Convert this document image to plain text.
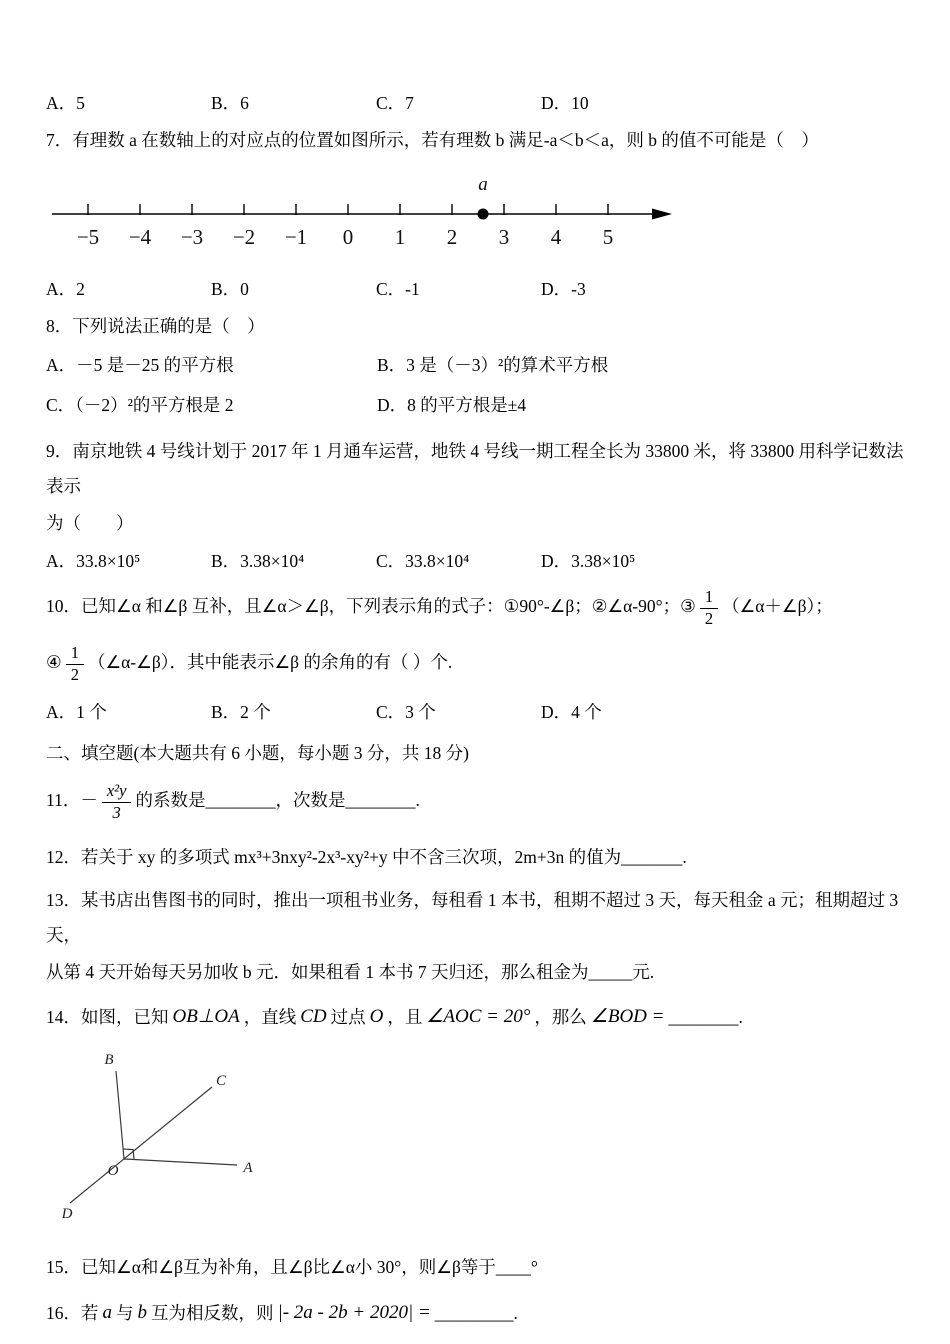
A．5	B．6	C．7	D．10
7．有理数 a 在数轴上的对应点的位置如图所示，若有理数 b 满足-a＜b＜a，则 b 的值不可能是（　）
a
−5 −4 −3 −2 −1 0 1 2 3 4 5
A．2	B．0	C．-1	D．-3
8．下列说法正确的是（　）
A．－5 是－25 的平方根	B．3 是（－3）²的算术平方根
C．（－2）²的平方根是 2	D．8 的平方根是±4
9．南京地铁 4 号线计划于 2017 年 1 月通车运营，地铁 4 号线一期工程全长为 33800 米，将 33800 用科学记数法表示
为（　　）
A．33.8×10⁵	B．3.38×10⁴	C．33.8×10⁴	D．3.38×10⁵
10．已知∠α 和∠β 互补，且∠α＞∠β，下列表示角的式子：①90°-∠β；②∠α-90°；③ $\frac{1}{2}$ （∠α＋∠β）；
④ $\frac{1}{2}$ （∠α-∠β）．其中能表示∠β 的余角的有（ ）个.
A．1 个	B．2 个	C．3 个	D．4 个
二、填空题(本大题共有 6 小题，每小题 3 分，共 18 分)
11．－ $\frac{\text{x²y}}{3}$ 的系数是________，次数是________.
12．若关于 xy 的多项式 mx³+3nxy²-2x³-xy²+y 中不含三次项，2m+3n 的值为_______.
13．某书店出售图书的同时，推出一项租书业务，每租看 1 本书，租期不超过 3 天，每天租金 a 元；租期超过 3 天，
从第 4 天开始每天另加收 b 元．如果租看 1 本书 7 天归还，那么租金为_____元.
14．如图，已知 OB⊥OA ，直线 CD 过点 O ，且 ∠AOC = 20° ，那么 ∠BOD = ________.
B
C
O	A
D
15．已知∠α和∠β互为补角，且∠β比∠α小 30°，则∠β等于____°
16．若 a 与 b 互为相反数，则 |- 2a - 2b + 2020| = _________.
